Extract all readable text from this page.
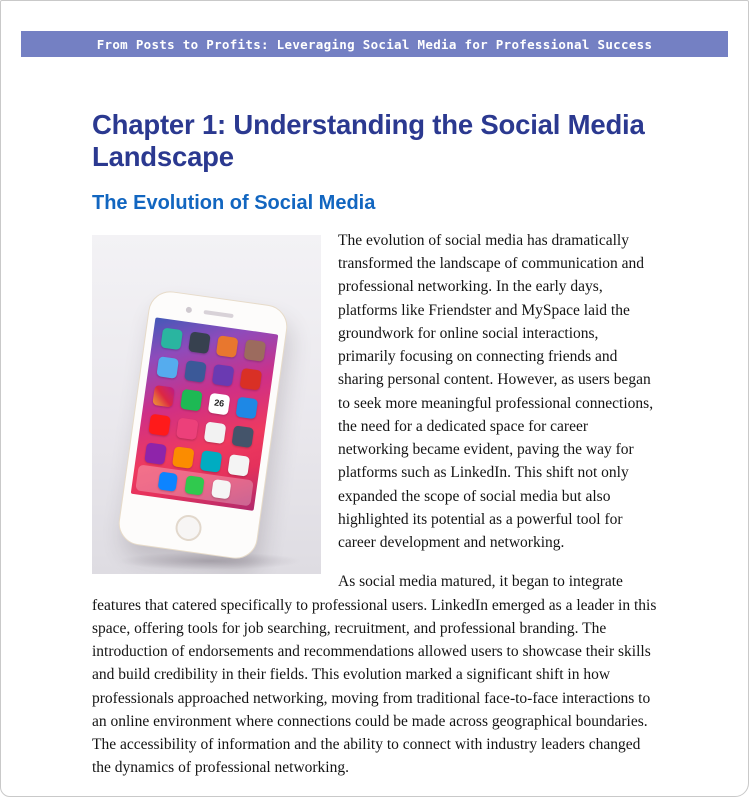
From Posts to Profits: Leveraging Social Media for Professional Success
Chapter 1: Understanding the Social Media Landscape
The Evolution of Social Media
26

The evolution of social media has dramatically transformed the landscape of communication and professional networking. In the early days, platforms like Friendster and MySpace laid the groundwork for online social interactions, primarily focusing on connecting friends and sharing personal content. However, as users began to seek more meaningful professional connections, the need for a dedicated space for career networking became evident, paving the way for platforms such as LinkedIn. This shift not only expanded the scope of social media but also highlighted its potential as a powerful tool for career development and networking.

As social media matured, it began to integrate features that catered specifically to professional users. LinkedIn emerged as a leader in this space, offering tools for job searching, recruitment, and professional branding. The introduction of endorsements and recommendations allowed users to showcase their skills and build credibility in their fields. This evolution marked a significant shift in how professionals approached networking, moving from traditional face-to-face interactions to an online environment where connections could be made across geographical boundaries. The accessibility of information and the ability to connect with industry leaders changed the dynamics of professional networking.
